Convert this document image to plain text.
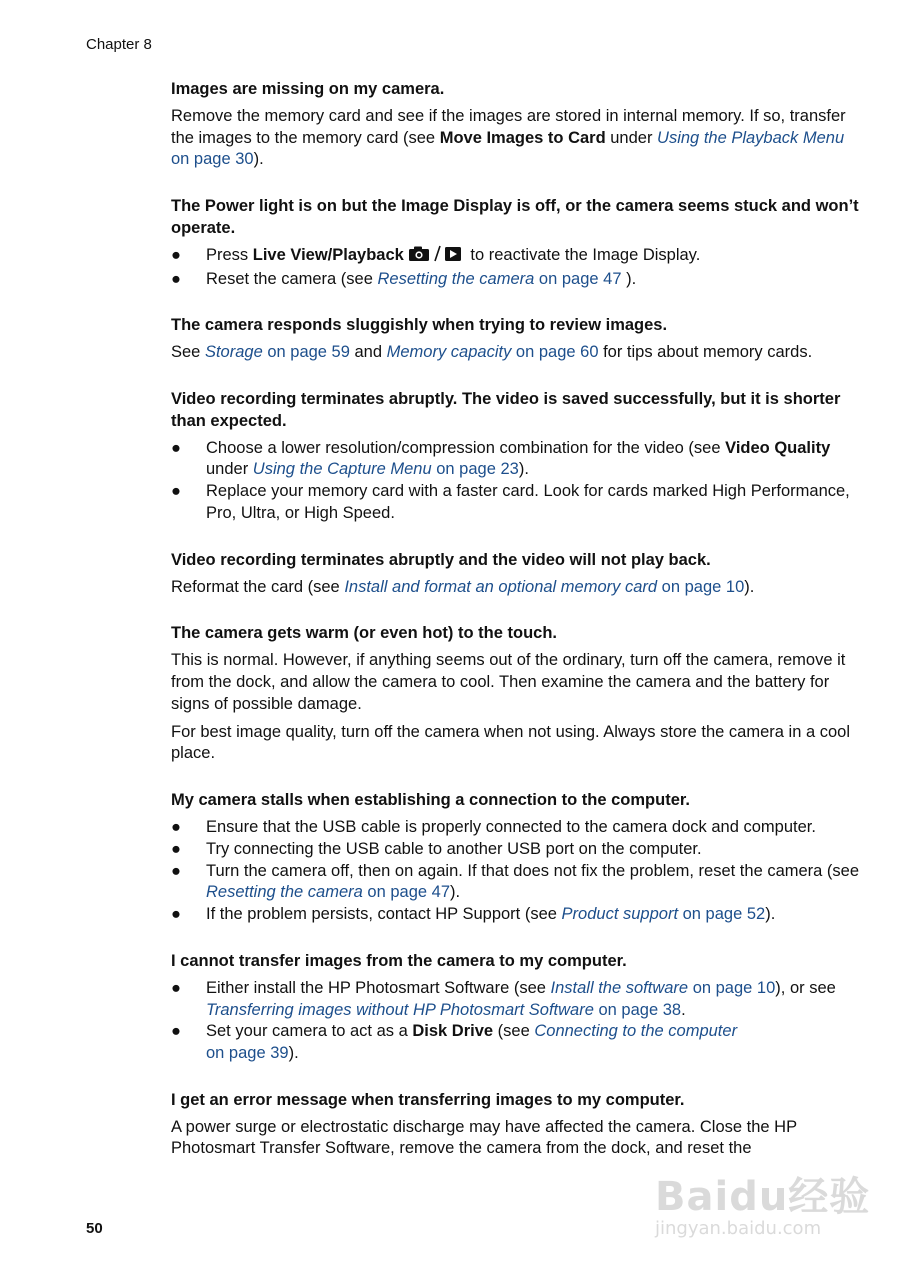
Chapter 8

Images are missing on my camera.

Remove the memory card and see if the images are stored in internal memory. If so, transfer the images to the memory card (see Move Images to Card under Using the Playback Menu on page 30).

The Power light is on but the Image Display is off, or the camera seems stuck and won’t operate.

● Press Live View/Playback	to reactivate the Image Display.
● Reset the camera (see Resetting the camera on page 47 ).

The camera responds sluggishly when trying to review images.

See Storage on page 59 and Memory capacity on page 60 for tips about memory cards.

Video recording terminates abruptly. The video is saved successfully, but it is shorter than expected.

● Choose a lower resolution/compression combination for the video (see Video Quality under Using the Capture Menu on page 23).
● Replace your memory card with a faster card. Look for cards marked High Performance, Pro, Ultra, or High Speed.

Video recording terminates abruptly and the video will not play back.

Reformat the card (see Install and format an optional memory card on page 10).

The camera gets warm (or even hot) to the touch.

This is normal. However, if anything seems out of the ordinary, turn off the camera, remove it from the dock, and allow the camera to cool. Then examine the camera and the battery for signs of possible damage.

For best image quality, turn off the camera when not using. Always store the camera in a cool place.

My camera stalls when establishing a connection to the computer.

● Ensure that the USB cable is properly connected to the camera dock and computer.
● Try connecting the USB cable to another USB port on the computer.
● Turn the camera off, then on again. If that does not fix the problem, reset the camera (see Resetting the camera on page 47).
● If the problem persists, contact HP Support (see Product support on page 52).

I cannot transfer images from the camera to my computer.

● Either install the HP Photosmart Software (see Install the software on page 10), or see Transferring images without HP Photosmart Software on page 38.
● Set your camera to act as a Disk Drive (see Connecting to the computer
on page 39).

I get an error message when transferring images to my computer.

A power surge or electrostatic discharge may have affected the camera. Close the HP Photosmart Transfer Software, remove the camera from the dock, and reset the

50
Baidu经验
jingyan.baidu.com
